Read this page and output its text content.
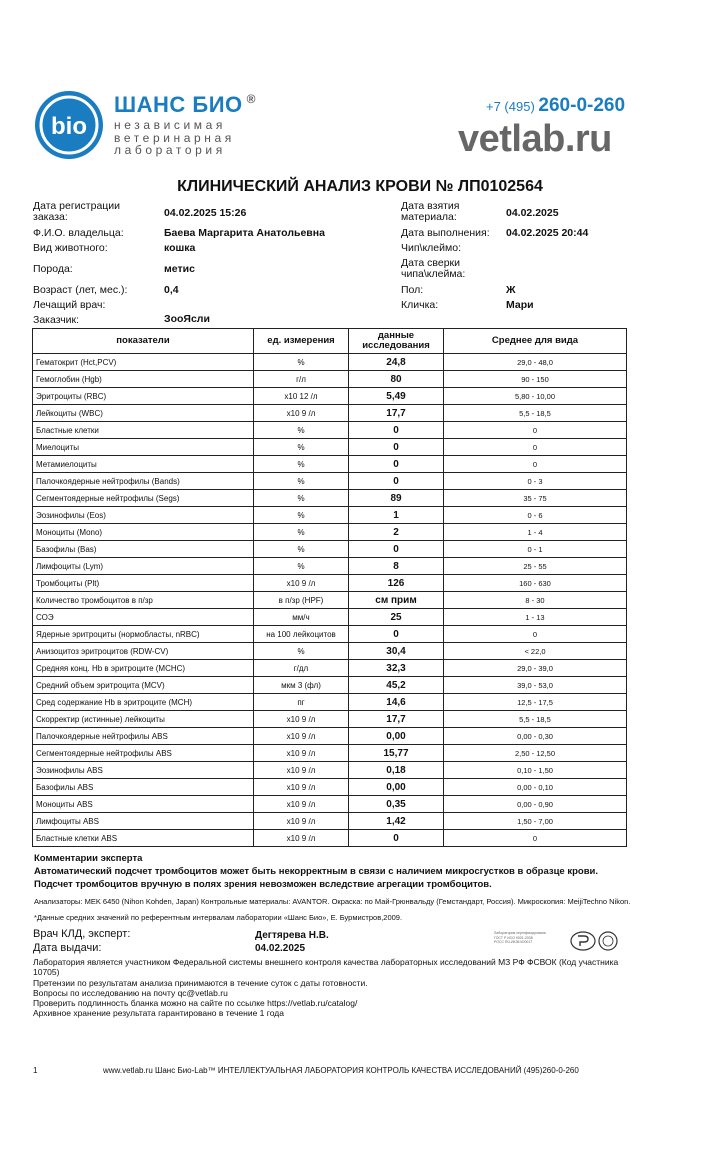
bio
ШАНС БИО ®
независимая
ветеринарная
лаборатория
+7 (495) 260-0-260
vetlab.ru
КЛИНИЧЕСКИЙ АНАЛИЗ КРОВИ № ЛП0102564
Дата регистрации заказа:	04.02.2025 15:26
Ф.И.О. владельца:	Баева Маргарита Анатольевна
Вид животного:	кошка
Порода:	метис
Возраст (лет, мес.):	0,4
Лечащий врач:
Заказчик:	ЗооЯсли
Дата взятия материала:	04.02.2025
Дата выполнения: 04.02.2025 20:44
Чип\клеймо:
Дата сверки чипа\клейма:
Пол:	Ж
Кличка:	Мари
показатели	ед. измерения	данные исследования	Среднее для вида
Гематокрит (Hct,PCV)	%	24,8	29,0 - 48,0
Гемоглобин (Hgb)	г/л	80	90 - 150
Эритроциты (RBC)	x10 12 /л	5,49	5,80 - 10,00
Лейкоциты (WBC)	x10 9 /л	17,7	5,5 - 18,5
Бластные клетки	%	0	0
Миелоциты	%	0	0
Метамиелоциты	%	0	0
Палочкоядерные нейтрофилы (Bands)	%	0	0 - 3
Сегментоядерные нейтрофилы (Segs)	%	89	35 - 75
Эозинофилы (Eos)	%	1	0 - 6
Моноциты (Mono)	%	2	1 - 4
Базофилы (Bas)	%	0	0 - 1
Лимфоциты (Lym)	%	8	25 - 55
Тромбоциты (Plt)	x10 9 /л	126	160 - 630
Количество тромбоцитов в п/зр	в п/зр (HPF)	см прим	8 - 30
СОЭ	мм/ч	25	1 - 13
Ядерные эритроциты (нормобласты, nRBC)	на 100 лейкоцитов	0	0
Анизоцитоз эритроцитов (RDW-CV)	%	30,4	< 22,0
Средняя конц. Hb в эритроците (MCHC)	г/дл	32,3	29,0 - 39,0
Средний объем эритроцита (MCV)	мкм 3 (фл)	45,2	39,0 - 53,0
Сред содержание Hb в эритроците (MCH)	пг	14,6	12,5 - 17,5
Скорректир (истинные) лейкоциты	x10 9 /л	17,7	5,5 - 18,5
Палочкоядерные нейтрофилы ABS	x10 9 /л	0,00	0,00 - 0,30
Сегментоядерные нейтрофилы ABS	x10 9 /л	15,77	2,50 - 12,50
Эозинофилы ABS	x10 9 /л	0,18	0,10 - 1,50
Базофилы ABS	x10 9 /л	0,00	0,00 - 0,10
Моноциты ABS	x10 9 /л	0,35	0,00 - 0,90
Лимфоциты ABS	x10 9 /л	1,42	1,50 - 7,00
Бластные клетки ABS	x10 9 /л	0	0
Комментарии эксперта
Автоматический подсчет тромбоцитов может быть некорректным в связи с наличием микросгустков в образце крови. Подсчет тромбоцитов вручную в полях зрения невозможен вследствие агрегации тромбоцитов.
Анализаторы: MEK 6450 (Nihon Kohden, Japan) Контрольные материалы: AVANTOR. Окраска: по Май-Грюнвальду (Гемстандарт, Россия). Микроскопия: MeijiTechno Nikon.
*Данные средних значений по референтным интервалам лаборатории «Шанс Био», Е. Бурмистров,2009.
Врач КЛД, эксперт:	Дегтярева Н.В.
Дата выдачи:	04.02.2025
Лаборатория сертифицирована
ГОСТ Р ИСО 9001-2008
РОСС RU.ИК36.К00017
Лаборатория является участником Федеральной системы внешнего контроля качества лабораторных исследований МЗ РФ ФСВОК (Код участника 10705)
Претензии по результатам анализа принимаются в течение суток с даты готовности.
Вопросы по исследованию на почту qc@vetlab.ru
Проверить подлинность бланка можно на сайте по ссылке https://vetlab.ru/catalog/
Архивное хранение результата гарантировано в течение 1 года
1	www.vetlab.ru Шанс Био-Lab™ ИНТЕЛЛЕКТУАЛЬНАЯ ЛАБОРАТОРИЯ КОНТРОЛЬ КАЧЕСТВА ИССЛЕДОВАНИЙ (495)260-0-260
